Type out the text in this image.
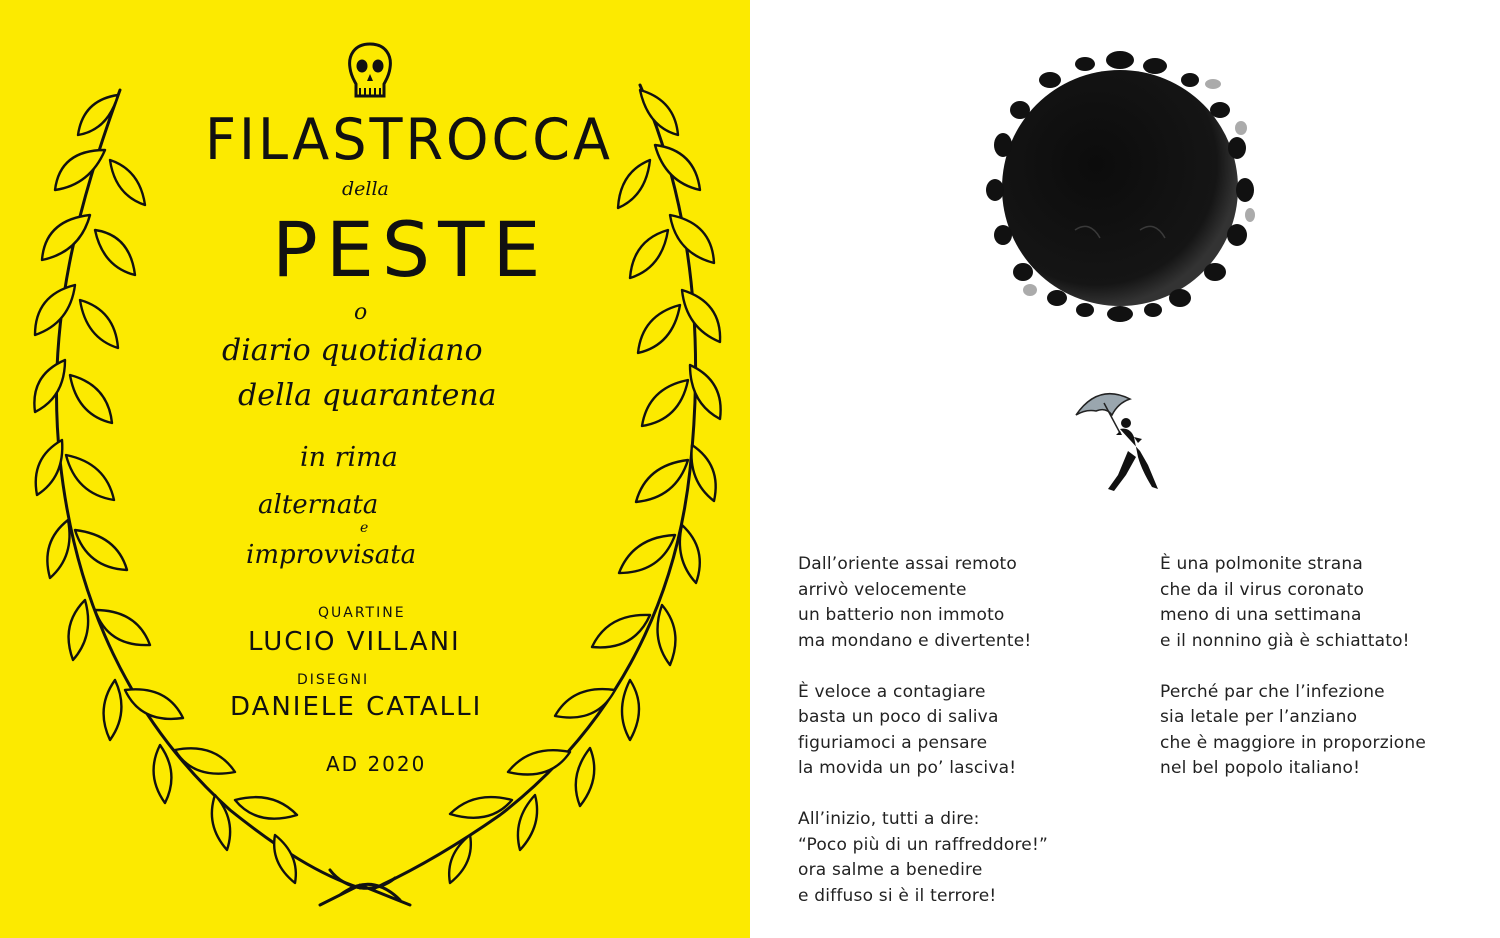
FILASTROCCA
della
PESTE
o
diario quotidiano
della quarantena
in rima
alternata
e
improvvisata
QUARTINE
LUCIO VILLANI
DISEGNI
DANIELE CATALLI
AD 2020
Dall’oriente assai remoto
arrivò velocemente
un batterio non immoto
ma mondano e divertente!
È veloce a contagiare
basta un poco di saliva
figuriamoci a pensare
la movida un po’ lasciva!
All’inizio, tutti a dire:
“Poco più di un raffreddore!”
ora salme a benedire
e diffuso si è il terrore!
È una polmonite strana
che da il virus coronato
meno di una settimana
e il nonnino già è schiattato!
Perché par che l’infezione
sia letale per l’anziano
che è maggiore in proporzione
nel bel popolo italiano!
